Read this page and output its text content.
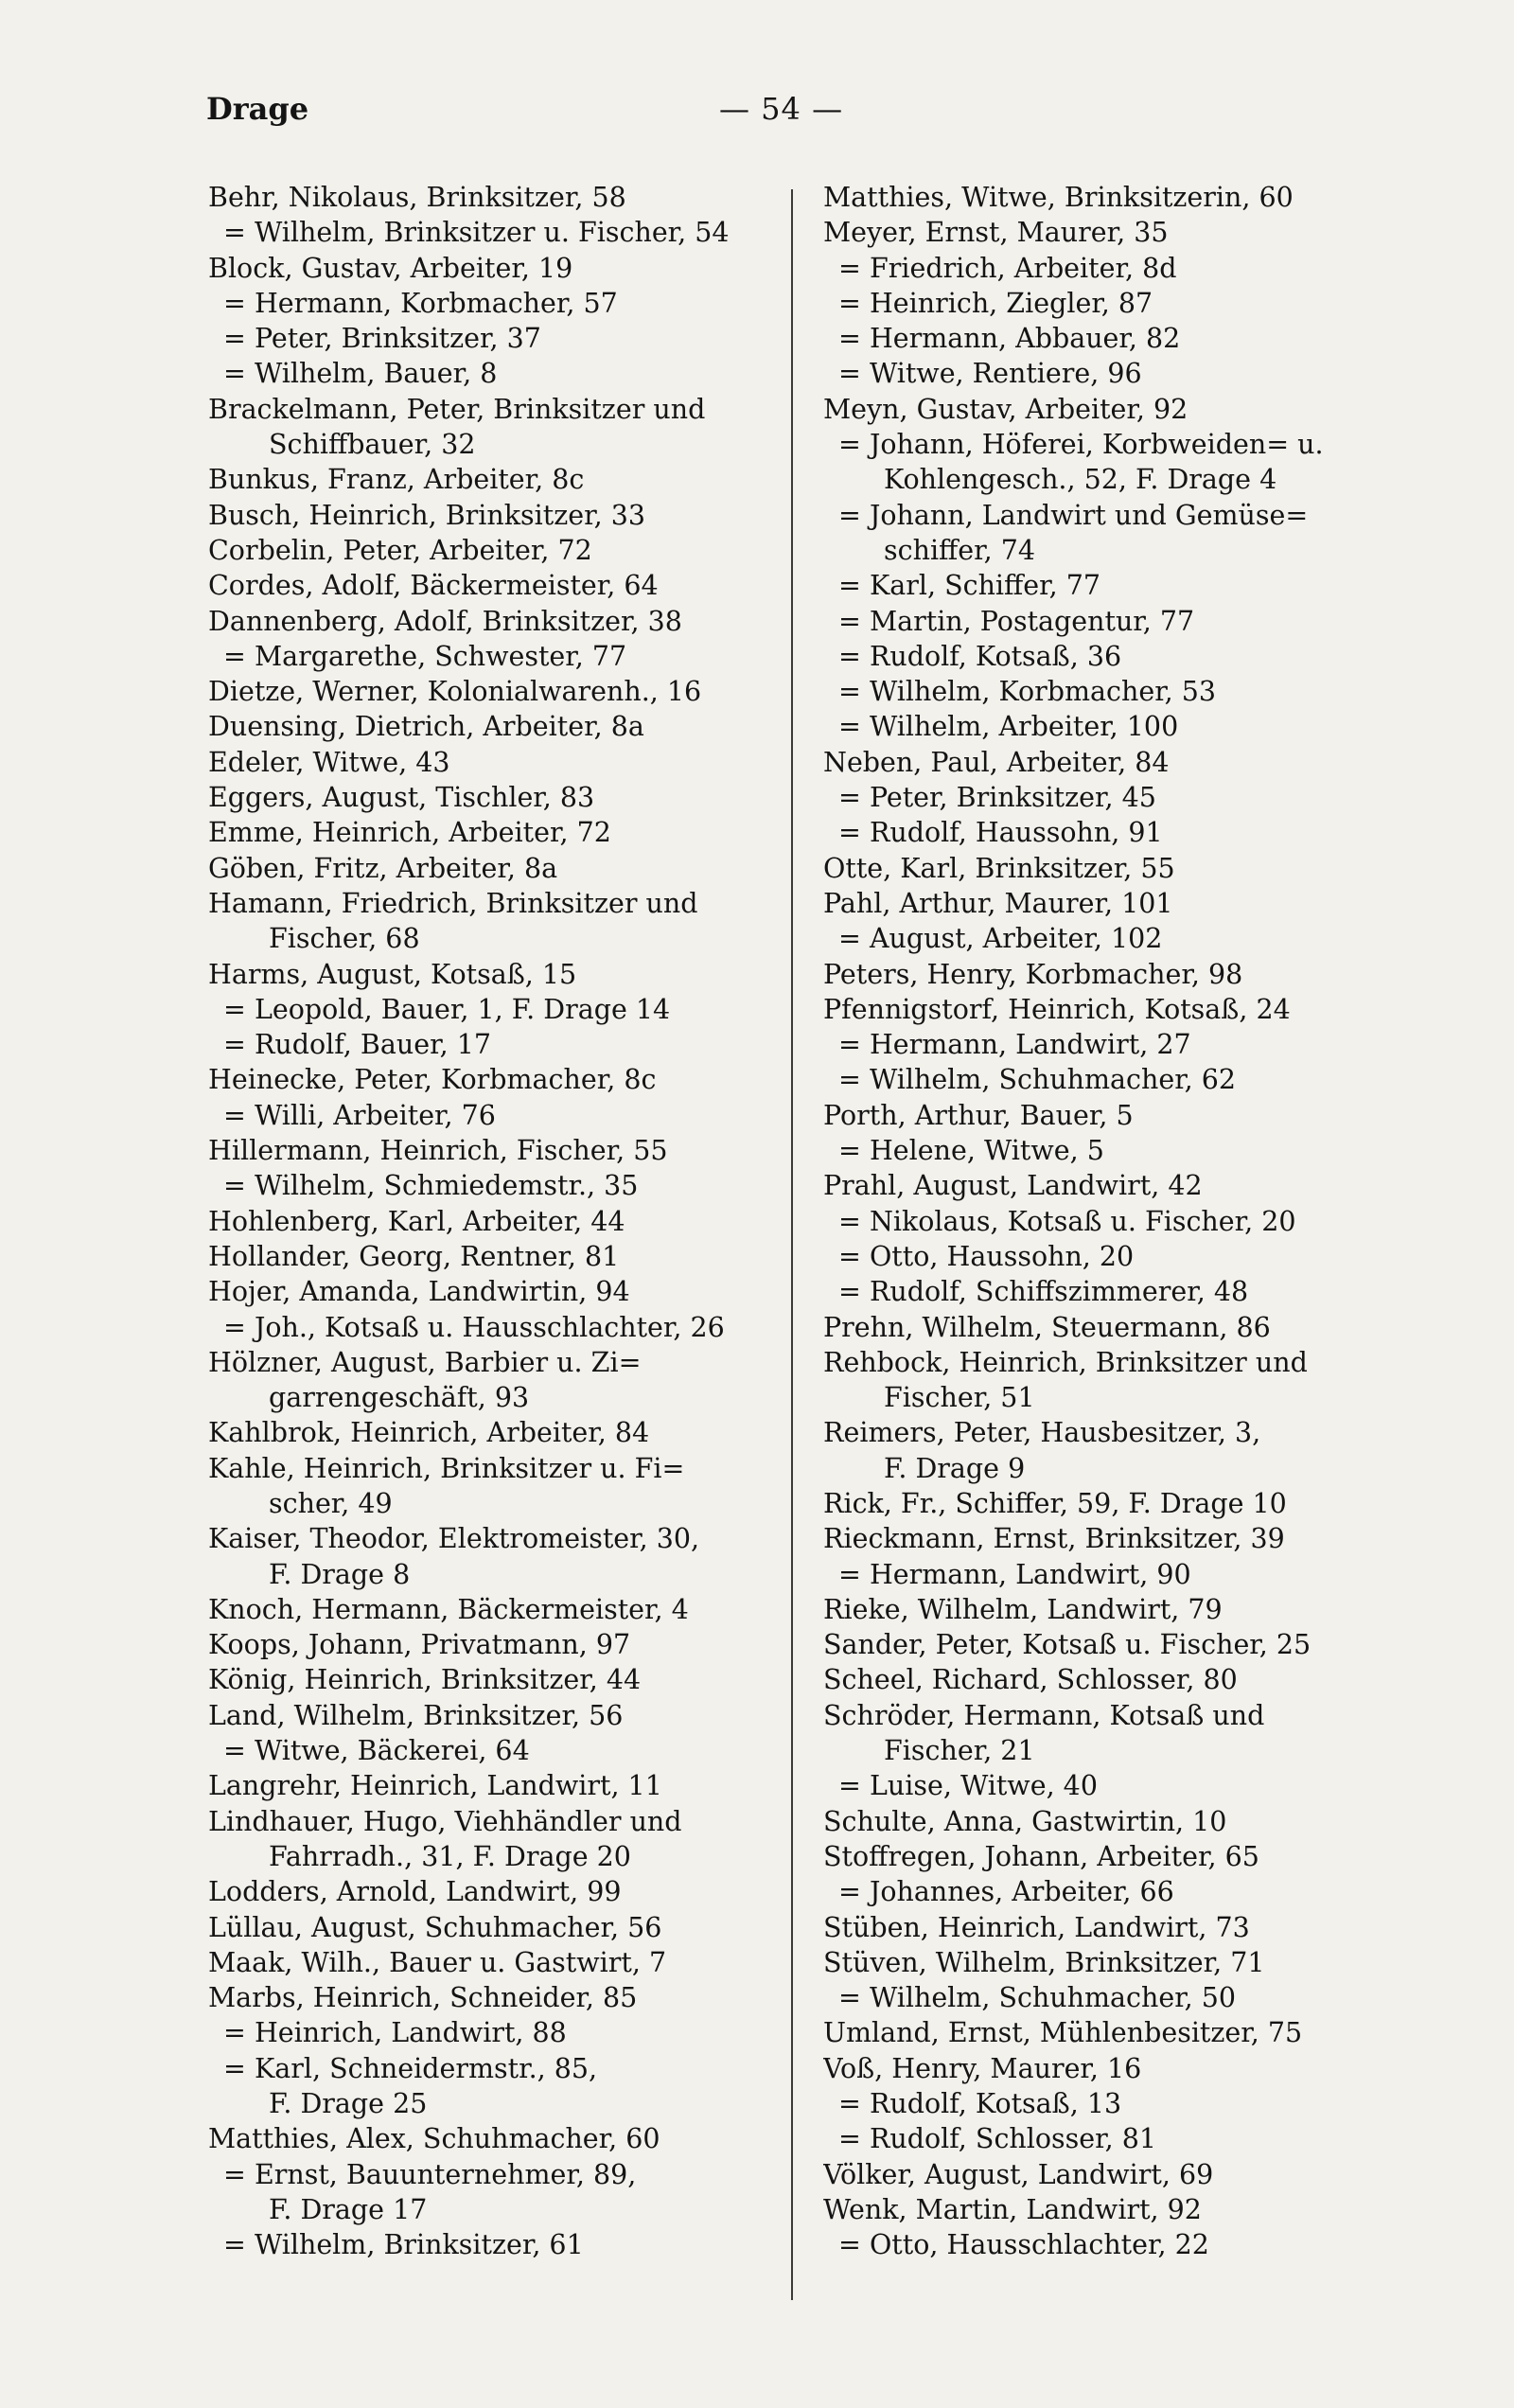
Drage	— 54 —
Behr, Nikolaus, Brinksitzer, 58
= Wilhelm, Brinksitzer u. Fischer, 54
Block, Gustav, Arbeiter, 19
= Hermann, Korbmacher, 57
= Peter, Brinksitzer, 37
= Wilhelm, Bauer, 8
Brackelmann, Peter, Brinksitzer und
Schiffbauer, 32
Bunkus, Franz, Arbeiter, 8c
Busch, Heinrich, Brinksitzer, 33
Corbelin, Peter, Arbeiter, 72
Cordes, Adolf, Bäckermeister, 64
Dannenberg, Adolf, Brinksitzer, 38
= Margarethe, Schwester, 77
Dietze, Werner, Kolonialwarenh., 16
Duensing, Dietrich, Arbeiter, 8a
Edeler, Witwe, 43
Eggers, August, Tischler, 83
Emme, Heinrich, Arbeiter, 72
Göben, Fritz, Arbeiter, 8a
Hamann, Friedrich, Brinksitzer und
Fischer, 68
Harms, August, Kotsaß, 15
= Leopold, Bauer, 1, F. Drage 14
= Rudolf, Bauer, 17
Heinecke, Peter, Korbmacher, 8c
= Willi, Arbeiter, 76
Hillermann, Heinrich, Fischer, 55
= Wilhelm, Schmiedemstr., 35
Hohlenberg, Karl, Arbeiter, 44
Hollander, Georg, Rentner, 81
Hojer, Amanda, Landwirtin, 94
= Joh., Kotsaß u. Hausschlachter, 26
Hölzner, August, Barbier u. Zi=
garrengeschäft, 93
Kahlbrok, Heinrich, Arbeiter, 84
Kahle, Heinrich, Brinksitzer u. Fi=
scher, 49
Kaiser, Theodor, Elektromeister, 30,
F. Drage 8
Knoch, Hermann, Bäckermeister, 4
Koops, Johann, Privatmann, 97
König, Heinrich, Brinksitzer, 44
Land, Wilhelm, Brinksitzer, 56
= Witwe, Bäckerei, 64
Langrehr, Heinrich, Landwirt, 11
Lindhauer, Hugo, Viehhändler und
Fahrradh., 31, F. Drage 20
Lodders, Arnold, Landwirt, 99
Lüllau, August, Schuhmacher, 56
Maak, Wilh., Bauer u. Gastwirt, 7
Marbs, Heinrich, Schneider, 85
= Heinrich, Landwirt, 88
= Karl, Schneidermstr., 85,
F. Drage 25
Matthies, Alex, Schuhmacher, 60
= Ernst, Bauunternehmer, 89,
F. Drage 17
= Wilhelm, Brinksitzer, 61
Matthies, Witwe, Brinksitzerin, 60
Meyer, Ernst, Maurer, 35
= Friedrich, Arbeiter, 8d
= Heinrich, Ziegler, 87
= Hermann, Abbauer, 82
= Witwe, Rentiere, 96
Meyn, Gustav, Arbeiter, 92
= Johann, Höferei, Korbweiden= u.
Kohlengesch., 52, F. Drage 4
= Johann, Landwirt und Gemüse=
schiffer, 74
= Karl, Schiffer, 77
= Martin, Postagentur, 77
= Rudolf, Kotsaß, 36
= Wilhelm, Korbmacher, 53
= Wilhelm, Arbeiter, 100
Neben, Paul, Arbeiter, 84
= Peter, Brinksitzer, 45
= Rudolf, Haussohn, 91
Otte, Karl, Brinksitzer, 55
Pahl, Arthur, Maurer, 101
= August, Arbeiter, 102
Peters, Henry, Korbmacher, 98
Pfennigstorf, Heinrich, Kotsaß, 24
= Hermann, Landwirt, 27
= Wilhelm, Schuhmacher, 62
Porth, Arthur, Bauer, 5
= Helene, Witwe, 5
Prahl, August, Landwirt, 42
= Nikolaus, Kotsaß u. Fischer, 20
= Otto, Haussohn, 20
= Rudolf, Schiffszimmerer, 48
Prehn, Wilhelm, Steuermann, 86
Rehbock, Heinrich, Brinksitzer und
Fischer, 51
Reimers, Peter, Hausbesitzer, 3,
F. Drage 9
Rick, Fr., Schiffer, 59, F. Drage 10
Rieckmann, Ernst, Brinksitzer, 39
= Hermann, Landwirt, 90
Rieke, Wilhelm, Landwirt, 79
Sander, Peter, Kotsaß u. Fischer, 25
Scheel, Richard, Schlosser, 80
Schröder, Hermann, Kotsaß und
Fischer, 21
= Luise, Witwe, 40
Schulte, Anna, Gastwirtin, 10
Stoffregen, Johann, Arbeiter, 65
= Johannes, Arbeiter, 66
Stüben, Heinrich, Landwirt, 73
Stüven, Wilhelm, Brinksitzer, 71
= Wilhelm, Schuhmacher, 50
Umland, Ernst, Mühlenbesitzer, 75
Voß, Henry, Maurer, 16
= Rudolf, Kotsaß, 13
= Rudolf, Schlosser, 81
Völker, August, Landwirt, 69
Wenk, Martin, Landwirt, 92
= Otto, Hausschlachter, 22
